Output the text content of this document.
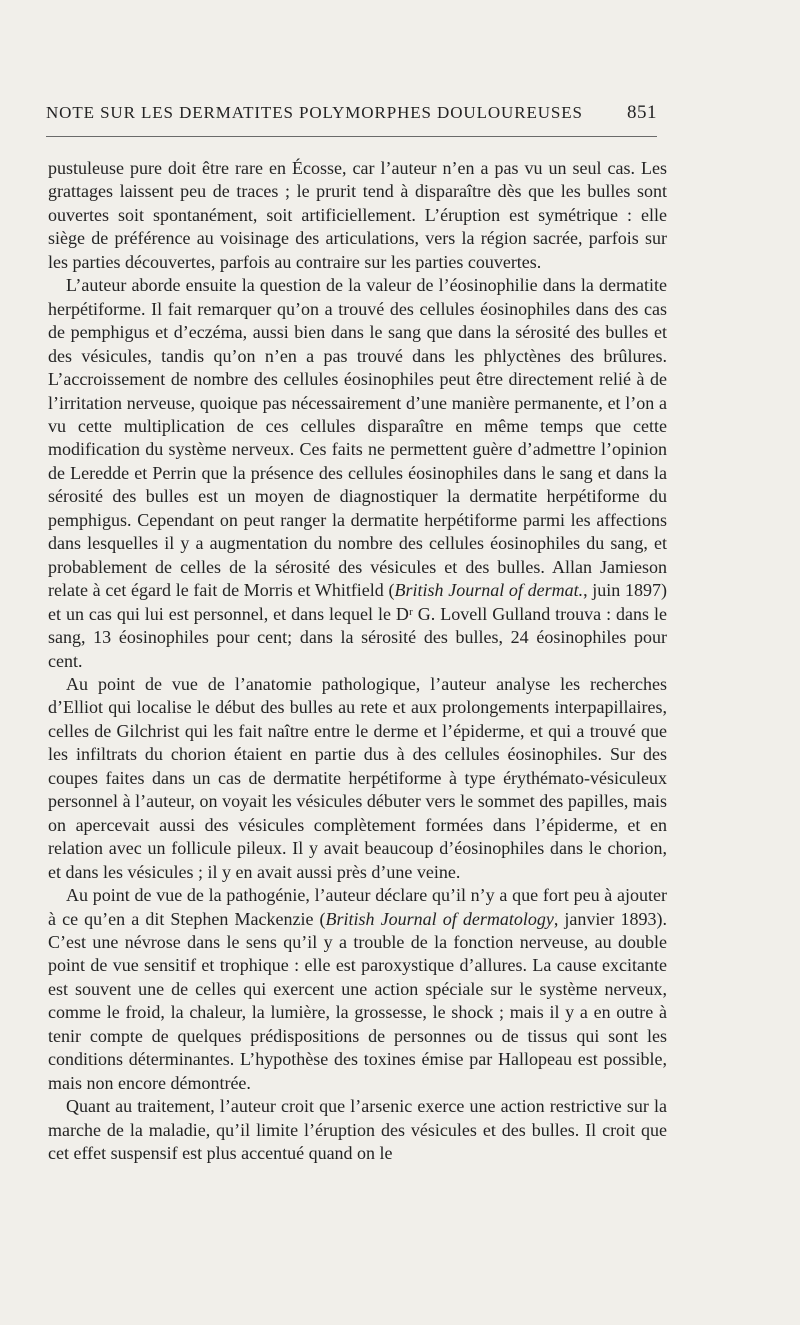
NOTE SUR LES DERMATITES POLYMORPHES DOULOUREUSES 851

pustuleuse pure doit être rare en Écosse, car l’auteur n’en a pas vu un seul cas. Les grattages laissent peu de traces ; le prurit tend à disparaître dès que les bulles sont ouvertes soit spontanément, soit artificiellement. L’éruption est symétrique : elle siège de préférence au voisinage des articulations, vers la région sacrée, parfois sur les parties découvertes, parfois au contraire sur les parties couvertes.

L’auteur aborde ensuite la question de la valeur de l’éosinophilie dans la dermatite herpétiforme. Il fait remarquer qu’on a trouvé des cellules éosinophiles dans des cas de pemphigus et d’eczéma, aussi bien dans le sang que dans la sérosité des bulles et des vésicules, tandis qu’on n’en a pas trouvé dans les phlyctènes des brûlures. L’accroissement de nombre des cellules éosinophiles peut être directement relié à de l’irritation nerveuse, quoique pas nécessairement d’une manière permanente, et l’on a vu cette multiplication de ces cellules disparaître en même temps que cette modification du système nerveux. Ces faits ne permettent guère d’admettre l’opinion de Leredde et Perrin que la présence des cellules éosinophiles dans le sang et dans la sérosité des bulles est un moyen de diagnostiquer la dermatite herpétiforme du pemphigus. Cependant on peut ranger la dermatite herpétiforme parmi les affections dans lesquelles il y a augmentation du nombre des cellules éosinophiles du sang, et probablement de celles de la sérosité des vésicules et des bulles. Allan Jamieson relate à cet égard le fait de Morris et Whitfield (British Journal of dermat., juin 1897) et un cas qui lui est personnel, et dans lequel le Dʳ G. Lovell Gulland trouva : dans le sang, 13 éosinophiles pour cent; dans la sérosité des bulles, 24 éosinophiles pour cent.

Au point de vue de l’anatomie pathologique, l’auteur analyse les recherches d’Elliot qui localise le début des bulles au rete et aux prolongements interpapillaires, celles de Gilchrist qui les fait naître entre le derme et l’épiderme, et qui a trouvé que les infiltrats du chorion étaient en partie dus à des cellules éosinophiles. Sur des coupes faites dans un cas de dermatite herpétiforme à type érythémato-vésiculeux personnel à l’auteur, on voyait les vésicules débuter vers le sommet des papilles, mais on apercevait aussi des vésicules complètement formées dans l’épiderme, et en relation avec un follicule pileux. Il y avait beaucoup d’éosinophiles dans le chorion, et dans les vésicules ; il y en avait aussi près d’une veine.

Au point de vue de la pathogénie, l’auteur déclare qu’il n’y a que fort peu à ajouter à ce qu’en a dit Stephen Mackenzie (British Journal of dermatology, janvier 1893). C’est une névrose dans le sens qu’il y a trouble de la fonction nerveuse, au double point de vue sensitif et trophique : elle est paroxystique d’allures. La cause excitante est souvent une de celles qui exercent une action spéciale sur le système nerveux, comme le froid, la chaleur, la lumière, la grossesse, le shock ; mais il y a en outre à tenir compte de quelques prédispositions de personnes ou de tissus qui sont les conditions déterminantes. L’hypothèse des toxines émise par Hallopeau est possible, mais non encore démontrée.

Quant au traitement, l’auteur croit que l’arsenic exerce une action restrictive sur la marche de la maladie, qu’il limite l’éruption des vésicules et des bulles. Il croit que cet effet suspensif est plus accentué quand on le
